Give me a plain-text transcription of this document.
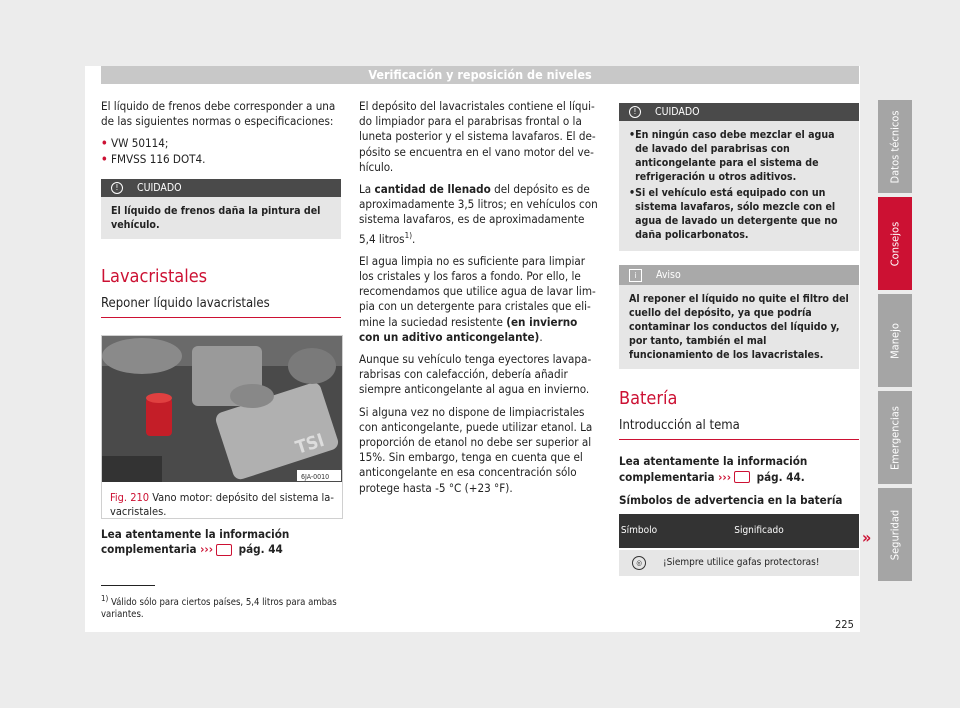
Verificación y reposición de niveles

El líquido de frenos debe corresponder a una de las siguientes normas o especificaciones:

• VW 50114;
• FMVSS 116 DOT4.
!	CUIDADO
El líquido de frenos daña la pintura del vehículo.
Lavacristales
Reponer líquido lavacristales
TSI
6JA-0010
Fig. 210 Vano motor: depósito del sistema lavacristales.
Lea atentamente la información complementaria ››› pág. 44
$^{1)}$ Válido sólo para ciertos países, 5,4 litros para ambas variantes.

El depósito del lavacristales contiene el líquido limpiador para el parabrisas frontal o la luneta posterior y el sistema lavafaros. El depósito se encuentra en el vano motor del vehículo.

La cantidad de llenado del depósito es de aproximadamente 3,5 litros; en vehículos con sistema lavafaros, es de aproximadamente 5,4 litros$^{1)}$.

El agua limpia no es suficiente para limpiar los cristales y los faros a fondo. Por ello, le recomendamos que utilice agua de lavar limpia con un detergente para cristales que elimine la suciedad resistente (en invierno con un aditivo anticongelante).

Aunque su vehículo tenga eyectores lavaparabrisas con calefacción, debería añadir siempre anticongelante al agua en invierno.

Si alguna vez no dispone de limpiacristales con anticongelante, puede utilizar etanol. La proporción de etanol no debe ser superior al 15%. Sin embargo, tenga en cuenta que el anticongelante en esa concentración sólo protege hasta -5 °C (+23 °F).

!	CUIDADO
• En ningún caso debe mezclar el agua de lavado del parabrisas con anticongelante para el sistema de refrigeración u otros aditivos.
• Si el vehículo está equipado con un sistema lavafaros, sólo mezcle con el agua de lavado un detergente que no daña policarbonatos.
i	Aviso
Al reponer el líquido no quite el filtro del cuello del depósito, ya que podría contaminar los conductos del líquido y, por tanto, también el mal funcionamiento de los lavacristales.
Batería
Introducción al tema
Lea atentamente la información complementaria ››› pág. 44.
Símbolos de advertencia en la batería
Símbolo	Significado
◎	¡Siempre utilice gafas protectoras!
»
Datos técnicos
Consejos
Manejo
Emergencias
Seguridad
225
